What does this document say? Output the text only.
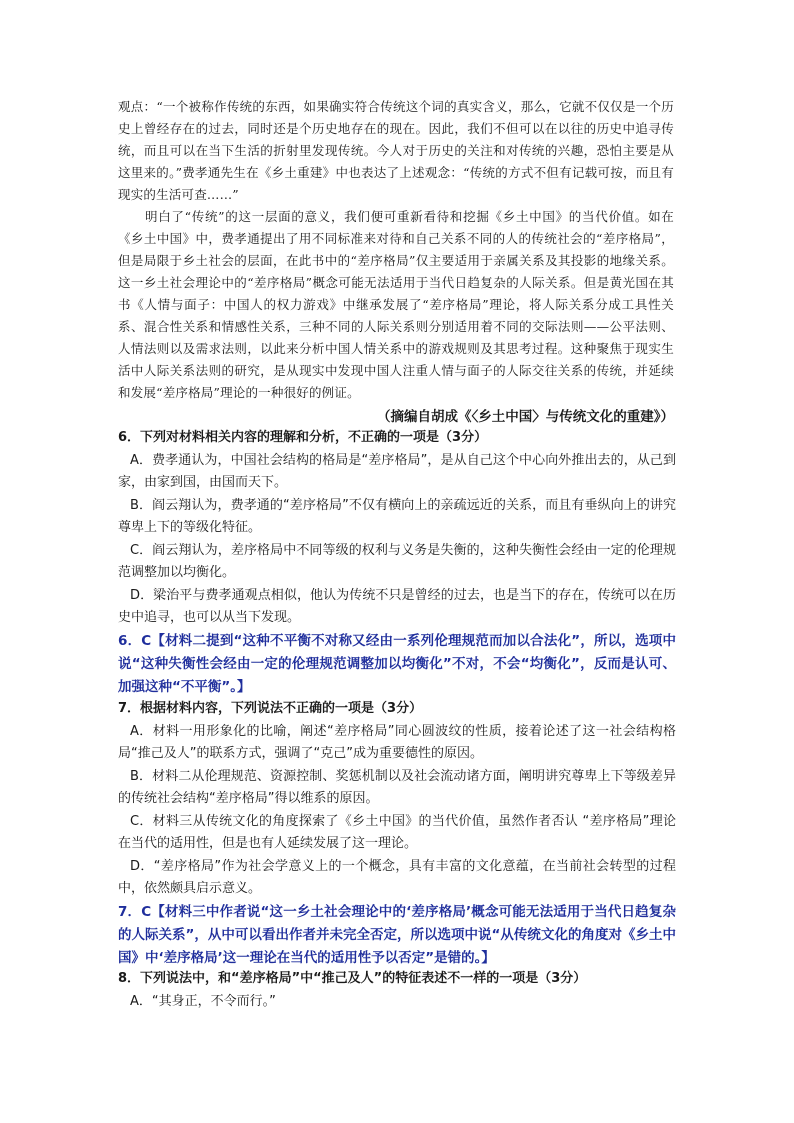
观点：“一个被称作传统的东西，如果确实符合传统这个词的真实含义，那么，它就不仅仅是一个历史上曾经存在的过去，同时还是个历史地存在的现在。因此，我们不但可以在以往的历史中追寻传统，而且可以在当下生活的折射里发现传统。今人对于历史的关注和对传统的兴趣，恐怕主要是从这里来的。”费孝通先生在《乡土重建》中也表达了上述观念：“传统的方式不但有记载可按，而且有现实的生活可查……”

明白了“传统”的这一层面的意义，我们便可重新看待和挖掘《乡土中国》的当代价值。如在《乡土中国》中，费孝通提出了用不同标准来对待和自己关系不同的人的传统社会的“差序格局”，但是局限于乡土社会的层面，在此书中的“差序格局”仅主要适用于亲属关系及其投影的地缘关系。这一乡土社会理论中的“差序格局”概念可能无法适用于当代日趋复杂的人际关系。但是黄光国在其书《人情与面子：中国人的权力游戏》中继承发展了“差序格局”理论，将人际关系分成工具性关系、混合性关系和情感性关系，三种不同的人际关系则分别适用着不同的交际法则——公平法则、人情法则以及需求法则，以此来分析中国人情关系中的游戏规则及其思考过程。这种聚焦于现实生活中人际关系法则的研究，是从现实中发现中国人注重人情与面子的人际交往关系的传统，并延续和发展“差序格局”理论的一种很好的例证。

（摘编自胡成《〈乡土中国〉与传统文化的重建》）

6．下列对材料相关内容的理解和分析，不正确的一项是（3分）

A．费孝通认为，中国社会结构的格局是“差序格局”，是从自己这个中心向外推出去的，从己到家，由家到国，由国而天下。

B．阎云翔认为，费孝通的“差序格局”不仅有横向上的亲疏远近的关系，而且有垂纵向上的讲究尊卑上下的等级化特征。

C．阎云翔认为，差序格局中不同等级的权利与义务是失衡的，这种失衡性会经由一定的伦理规范调整加以均衡化。

D．梁治平与费孝通观点相似，他认为传统不只是曾经的过去，也是当下的存在，传统可以在历史中追寻，也可以从当下发现。

6．C【材料二提到“这种不平衡不对称又经由一系列伦理规范而加以合法化”，所以，选项中说“这种失衡性会经由一定的伦理规范调整加以均衡化”不对，不会“均衡化”，反而是认可、加强这种“不平衡”。】

7．根据材料内容，下列说法不正确的一项是（3分）

A．材料一用形象化的比喻，阐述“差序格局”同心圆波纹的性质，接着论述了这一社会结构格局“推己及人”的联系方式，强调了“克己”成为重要德性的原因。

B．材料二从伦理规范、资源控制、奖惩机制以及社会流动诸方面，阐明讲究尊卑上下等级差异的传统社会结构“差序格局”得以维系的原因。

C．材料三从传统文化的角度探索了《乡土中国》的当代价值，虽然作者否认 “差序格局”理论在当代的适用性，但是也有人延续发展了这一理论。

D．“差序格局”作为社会学意义上的一个概念，具有丰富的文化意蕴，在当前社会转型的过程中，依然颇具启示意义。

7．C【材料三中作者说“这一乡土社会理论中的‘差序格局’概念可能无法适用于当代日趋复杂的人际关系”，从中可以看出作者并未完全否定，所以选项中说“从传统文化的角度对《乡土中国》中‘差序格局’这一理论在当代的适用性予以否定”是错的。】

8．下列说法中，和“差序格局”中“推己及人”的特征表述不一样的一项是（3分）

A．“其身正，不令而行。”
